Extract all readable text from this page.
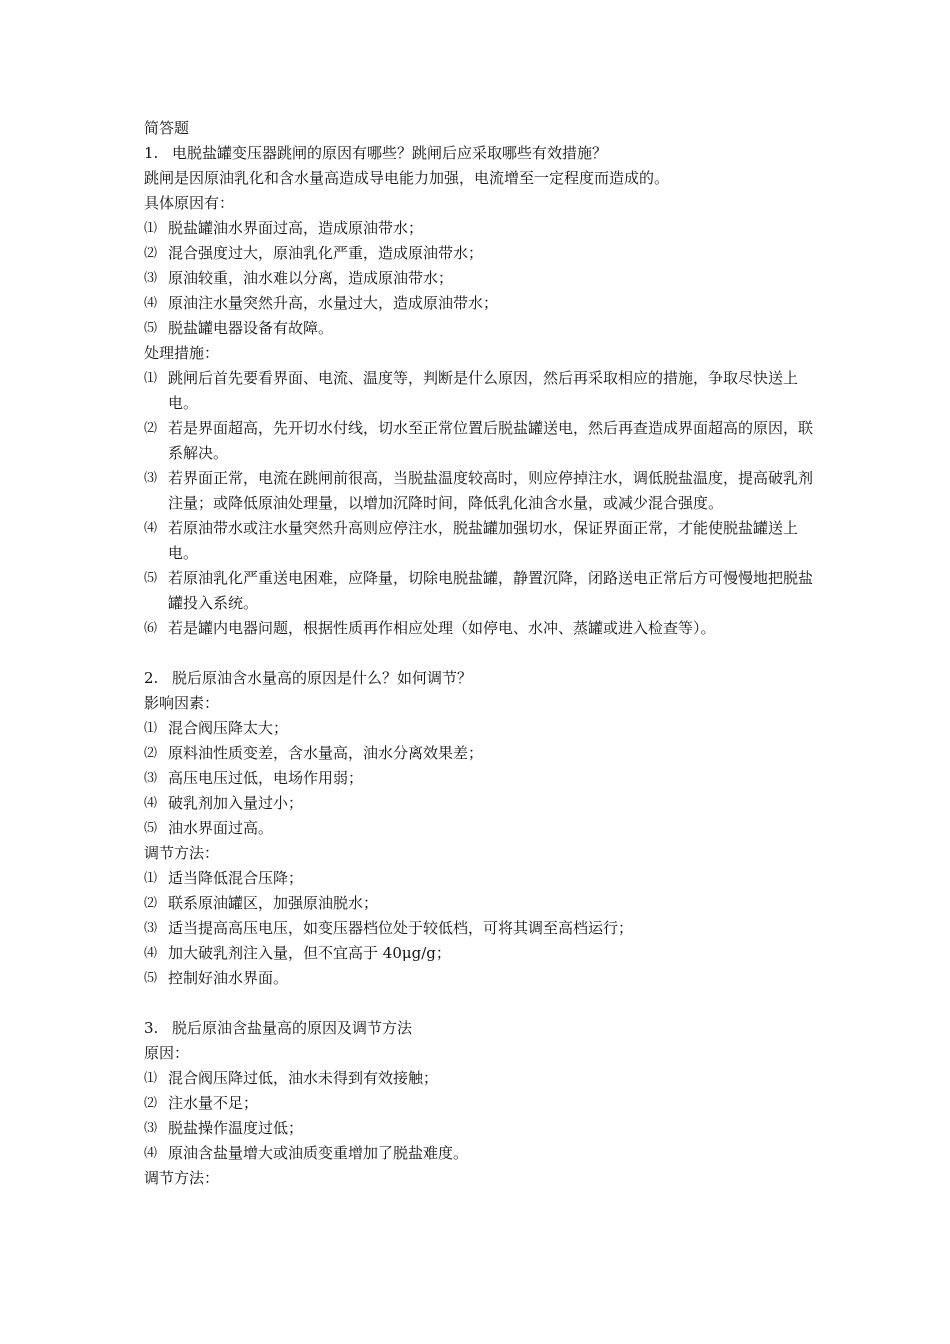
简答题
1. 电脱盐罐变压器跳闸的原因有哪些？跳闸后应采取哪些有效措施？
跳闸是因原油乳化和含水量高造成导电能力加强，电流增至一定程度而造成的。
具体原因有：
⑴ 脱盐罐油水界面过高，造成原油带水；
⑵ 混合强度过大，原油乳化严重，造成原油带水；
⑶ 原油较重，油水难以分离，造成原油带水；
⑷ 原油注水量突然升高，水量过大，造成原油带水；
⑸ 脱盐罐电器设备有故障。
处理措施：
⑴ 跳闸后首先要看界面、电流、温度等，判断是什么原因，然后再采取相应的措施，争取尽快送上电。
⑵ 若是界面超高，先开切水付线，切水至正常位置后脱盐罐送电，然后再查造成界面超高的原因，联系解决。
⑶ 若界面正常，电流在跳闸前很高，当脱盐温度较高时，则应停掉注水，调低脱盐温度，提高破乳剂注量；或降低原油处理量，以增加沉降时间，降低乳化油含水量，或减少混合强度。
⑷ 若原油带水或注水量突然升高则应停注水，脱盐罐加强切水，保证界面正常，才能使脱盐罐送上电。
⑸ 若原油乳化严重送电困难，应降量，切除电脱盐罐，静置沉降，闭路送电正常后方可慢慢地把脱盐罐投入系统。
⑹ 若是罐内电器问题，根据性质再作相应处理（如停电、水冲、蒸罐或进入检查等）。
2. 脱后原油含水量高的原因是什么？如何调节？
影响因素：
⑴ 混合阀压降太大；
⑵ 原料油性质变差，含水量高，油水分离效果差；
⑶ 高压电压过低，电场作用弱；
⑷ 破乳剂加入量过小；
⑸ 油水界面过高。
调节方法：
⑴ 适当降低混合压降；
⑵ 联系原油罐区，加强原油脱水；
⑶ 适当提高高压电压，如变压器档位处于较低档，可将其调至高档运行；
⑷ 加大破乳剂注入量，但不宜高于 40μg/g；
⑸ 控制好油水界面。
3. 脱后原油含盐量高的原因及调节方法
原因：
⑴ 混合阀压降过低，油水未得到有效接触；
⑵ 注水量不足；
⑶ 脱盐操作温度过低；
⑷ 原油含盐量增大或油质变重增加了脱盐难度。
调节方法：
